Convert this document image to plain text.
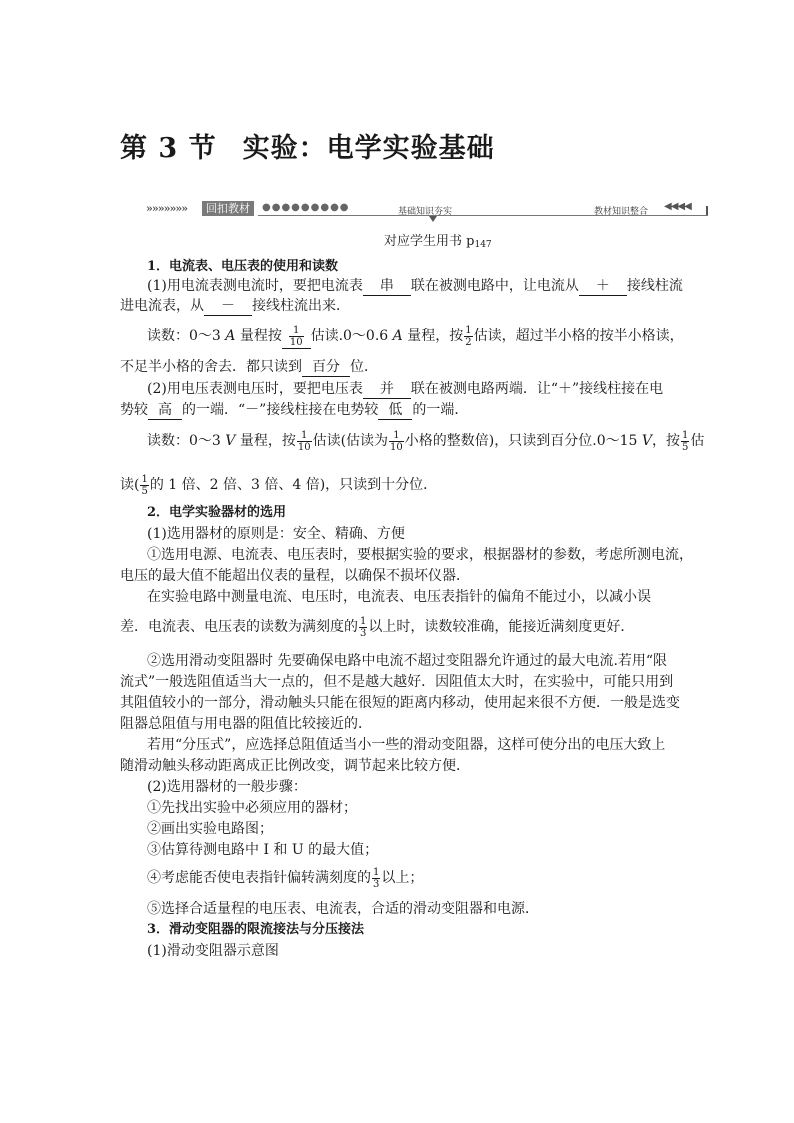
第 3 节 实验：电学实验基础
»»»»»»»	回扣教材	●●●●●●●●●	基础知识夯实	教材知识整合 ◀◀◀◀

对应学生用书 $p_{147}$

1．电流表、电压表的使用和读数

(1)用电流表测电流时，要把电流表 串 联在被测电路中，让电流从 ＋ 接线柱流

进电流表，从 － 接线柱流出来．

读数：0～3 A 量程按 $\frac{1}{10}$ 估读.0～0.6 A 量程，按 $\frac{1}{2}$ 估读，超过半小格的按半小格读，

不足半小格的舍去．都只读到 百分 位．

(2)用电压表测电压时，要把电压表 并 联在被测电路两端．让“＋”接线柱接在电

势较 高 的一端．“－”接线柱接在电势较 低 的一端．

读数：0～3 V 量程，按 $\frac{1}{10}$ 估读(估读为 $\frac{1}{10}$ 小格的整数倍)，只读到百分位.0～15 V，按 $\frac{1}{5}$ 估

读( $\frac{1}{5}$ 的 1 倍、2 倍、3 倍、4 倍)，只读到十分位．

2．电学实验器材的选用

(1)选用器材的原则是：安全、精确、方便

①选用电源、电流表、电压表时，要根据实验的要求，根据器材的参数，考虑所测电流，

电压的最大值不能超出仪表的量程，以确保不损坏仪器．

在实验电路中测量电流、电压时，电流表、电压表指针的偏角不能过小，以减小误

差．电流表、电压表的读数为满刻度的 $\frac{1}{3}$ 以上时，读数较准确，能接近满刻度更好．

②选用滑动变阻器时 先要确保电路中电流不超过变阻器允许通过的最大电流.若用“限

流式”一般选阻值适当大一点的，但不是越大越好．因阻值太大时，在实验中，可能只用到

其阻值较小的一部分，滑动触头只能在很短的距离内移动，使用起来很不方便．一般是选变

阻器总阻值与用电器的阻值比较接近的．

若用“分压式”，应选择总阻值适当小一些的滑动变阻器，这样可使分出的电压大致上

随滑动触头移动距离成正比例改变，调节起来比较方便．

(2)选用器材的一般步骤：

①先找出实验中必须应用的器材；

②画出实验电路图；

③估算待测电路中 I 和 U 的最大值；

④考虑能否使电表指针偏转满刻度的 $\frac{1}{3}$ 以上；

⑤选择合适量程的电压表、电流表，合适的滑动变阻器和电源．

3．滑动变阻器的限流接法与分压接法

(1)滑动变阻器示意图
